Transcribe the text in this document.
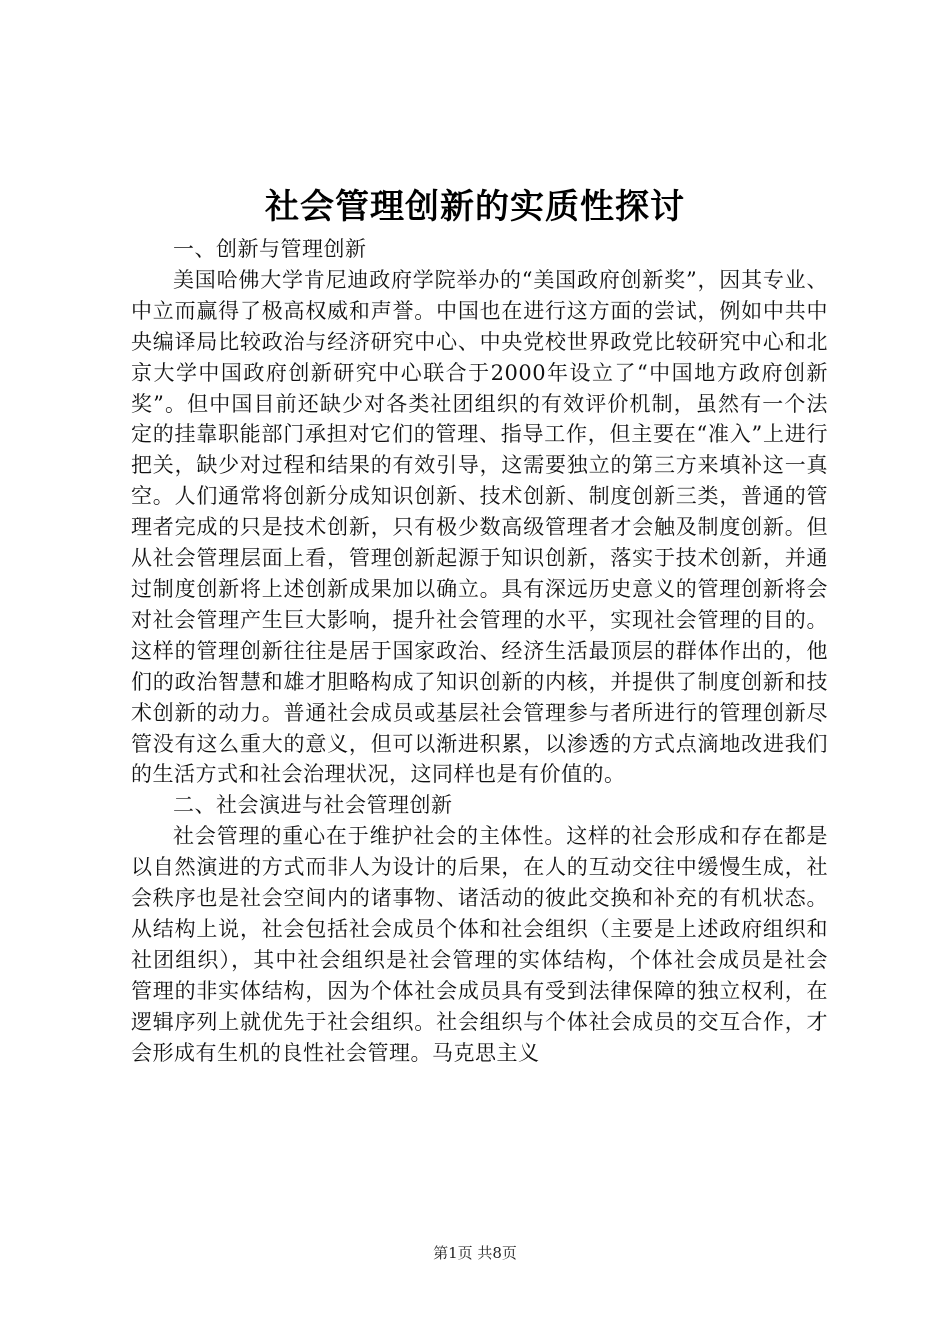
社会管理创新的实质性探讨

一、创新与管理创新

美国哈佛大学肯尼迪政府学院举办的“美国政府创新奖”，因其专业、中立而赢得了极高权威和声誉。中国也在进行这方面的尝试，例如中共中央编译局比较政治与经济研究中心、中央党校世界政党比较研究中心和北京大学中国政府创新研究中心联合于2000年设立了“中国地方政府创新奖”。但中国目前还缺少对各类社团组织的有效评价机制，虽然有一个法定的挂靠职能部门承担对它们的管理、指导工作，但主要在“准入”上进行把关，缺少对过程和结果的有效引导，这需要独立的第三方来填补这一真空。人们通常将创新分成知识创新、技术创新、制度创新三类，普通的管理者完成的只是技术创新，只有极少数高级管理者才会触及制度创新。但从社会管理层面上看，管理创新起源于知识创新，落实于技术创新，并通过制度创新将上述创新成果加以确立。具有深远历史意义的管理创新将会对社会管理产生巨大影响，提升社会管理的水平，实现社会管理的目的。这样的管理创新往往是居于国家政治、经济生活最顶层的群体作出的，他们的政治智慧和雄才胆略构成了知识创新的内核，并提供了制度创新和技术创新的动力。普通社会成员或基层社会管理参与者所进行的管理创新尽管没有这么重大的意义，但可以渐进积累，以渗透的方式点滴地改进我们的生活方式和社会治理状况，这同样也是有价值的。

二、社会演进与社会管理创新

社会管理的重心在于维护社会的主体性。这样的社会形成和存在都是以自然演进的方式而非人为设计的后果，在人的互动交往中缓慢生成，社会秩序也是社会空间内的诸事物、诸活动的彼此交换和补充的有机状态。从结构上说，社会包括社会成员个体和社会组织（主要是上述政府组织和社团组织），其中社会组织是社会管理的实体结构，个体社会成员是社会管理的非实体结构，因为个体社会成员具有受到法律保障的独立权利，在逻辑序列上就优先于社会组织。社会组织与个体社会成员的交互合作，才会形成有生机的良性社会管理。马克思主义

第1页 共8页
